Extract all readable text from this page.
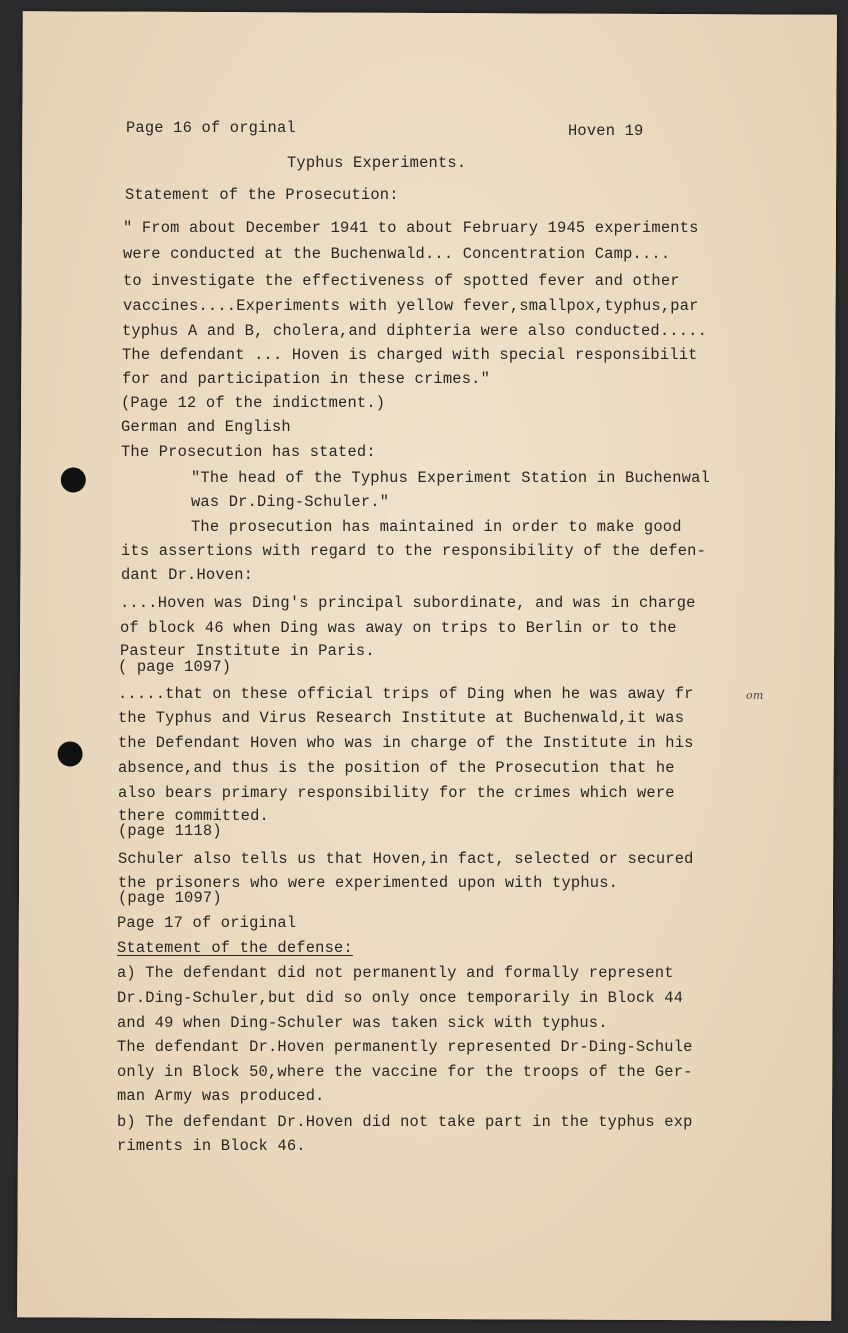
Page 16 of orginal	Hoven 19
Typhus Experiments.
Statement of the Prosecution:
" From about December 1941 to about February 1945 experiments
were conducted at the Buchenwald... Concentration Camp....
to investigate the effectiveness of spotted fever and other
vaccines....Experiments with yellow fever,smallpox,typhus,par
typhus A and B, cholera,and diphteria were also conducted.....
The defendant ... Hoven is charged with special responsibilit
for and participation in these crimes."
(Page 12 of the indictment.)
German and English
The Prosecution has stated:
"The head of the Typhus Experiment Station in Buchenwal
was Dr.Ding-Schuler."
The prosecution has maintained in order to make good
its assertions with regard to the responsibility of the defen-
dant Dr.Hoven:
....Hoven was Ding's principal subordinate, and was in charge
of block 46 when Ding was away on trips to Berlin or to the
Pasteur Institute in Paris.
( page 1097)
.....that on these official trips of Ding when he was away fr	om
the Typhus and Virus Research Institute at Buchenwald,it was
the Defendant Hoven who was in charge of the Institute in his
absence,and thus is the position of the Prosecution that he
also bears primary responsibility for the crimes which were
there committed.
(page 1118)
Schuler also tells us that Hoven,in fact, selected or secured
the prisoners who were experimented upon with typhus.
(page 1097)
Page 17 of original
Statement of the defense:
a) The defendant did not permanently and formally represent
Dr.Ding-Schuler,but did so only once temporarily in Block 44
and 49 when Ding-Schuler was taken sick with typhus.
The defendant Dr.Hoven permanently represented Dr-Ding-Schule
only in Block 50,where the vaccine for the troops of the Ger-
man Army was produced.
b) The defendant Dr.Hoven did not take part in the typhus exp
riments in Block 46.
